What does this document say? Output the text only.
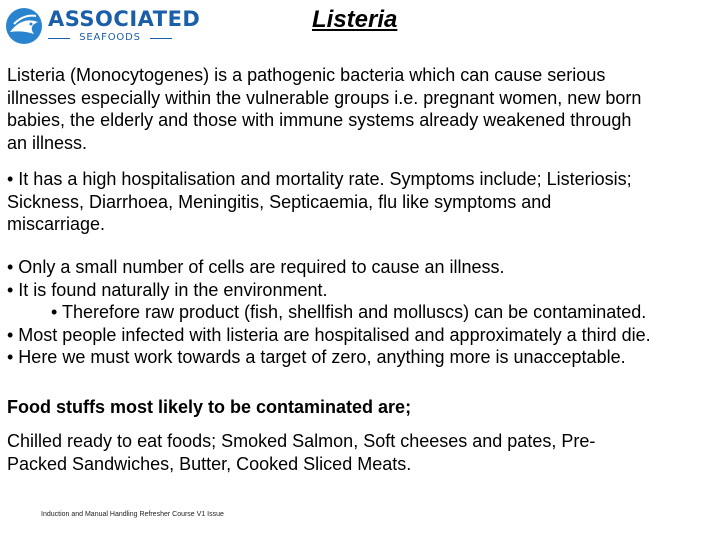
ASSOCIATED
SEAFOODS
Listeria
Listeria (Monocytogenes) is a pathogenic bacteria which can cause serious
illnesses especially within the vulnerable groups i.e. pregnant women, new born
babies, the elderly and those with immune systems already weakened through
an illness.
• It has a high hospitalisation and mortality rate. Symptoms include; Listeriosis;
Sickness, Diarrhoea, Meningitis, Septicaemia, flu like symptoms and
miscarriage.
• Only a small number of cells are required to cause an illness.
• It is found naturally in the environment.
• Therefore raw product (fish, shellfish and molluscs) can be contaminated.
• Most people infected with listeria are hospitalised and approximately a third die.
• Here we must work towards a target of zero, anything more is unacceptable.
Food stuffs most likely to be contaminated are;
Chilled ready to eat foods; Smoked Salmon, Soft cheeses and pates, Pre-
Packed Sandwiches, Butter, Cooked Sliced Meats.
Induction and Manual Handling Refresher Course V1 Issue
